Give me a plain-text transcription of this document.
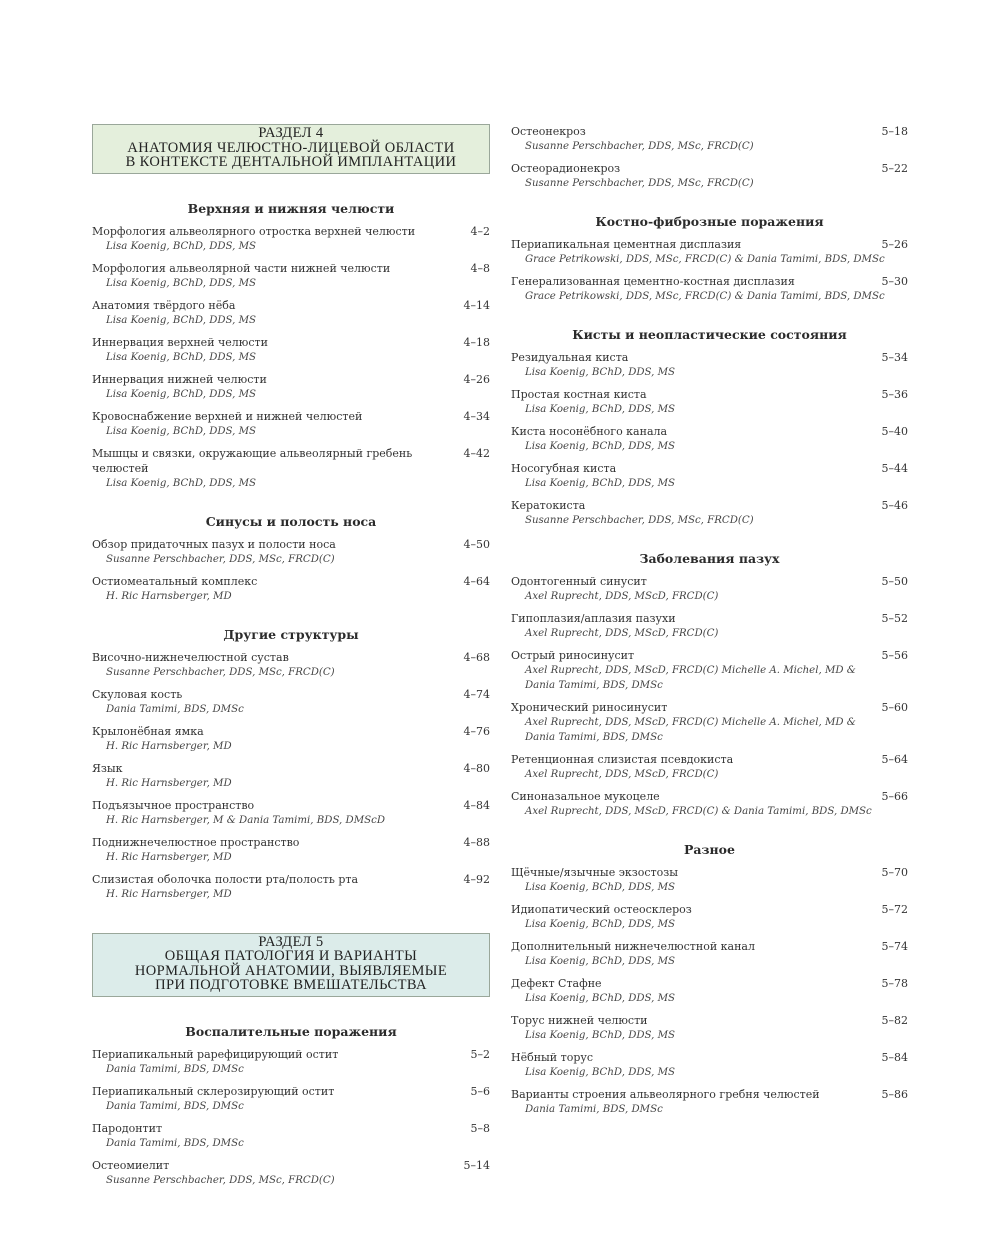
РАЗДЕЛ 4
АНАТОМИЯ ЧЕЛЮСТНО-ЛИЦЕВОЙ ОБЛАСТИ
В КОНТЕКСТЕ ДЕНТАЛЬНОЙ ИМПЛАНТАЦИИ
Верхняя и нижняя челюсти
Морфология альвеолярного отростка верхней челюсти	4–2
Lisa Koenig, BChD, DDS, MS
Морфология альвеолярной части нижней челюсти	4–8
Lisa Koenig, BChD, DDS, MS
Анатомия твёрдого нёба	4–14
Lisa Koenig, BChD, DDS, MS
Иннервация верхней челюсти	4–18
Lisa Koenig, BChD, DDS, MS
Иннервация нижней челюсти	4–26
Lisa Koenig, BChD, DDS, MS
Кровоснабжение верхней и нижней челюстей	4–34
Lisa Koenig, BChD, DDS, MS
Мышцы и связки, окружающие альвеолярный гребень челюстей
4–42
Lisa Koenig, BChD, DDS, MS
Синусы и полость носа
Обзор придаточных пазух и полости носа	4–50
Susanne Perschbacher, DDS, MSc, FRCD(C)
Остиомеатальный комплекс	4–64
H. Ric Harnsberger, MD
Другие структуры
Височно-нижнечелюстной сустав	4–68
Susanne Perschbacher, DDS, MSc, FRCD(C)
Скуловая кость	4–74
Dania Tamimi, BDS, DMSc
Крылонёбная ямка	4–76
H. Ric Harnsberger, MD
Язык	4–80
H. Ric Harnsberger, MD
Подъязычное пространство	4–84
H. Ric Harnsberger, M & Dania Tamimi, BDS, DMScD
Поднижнечелюстное пространство	4–88
H. Ric Harnsberger, MD
Слизистая оболочка полости рта/полость рта	4–92
H. Ric Harnsberger, MD
РАЗДЕЛ 5
ОБЩАЯ ПАТОЛОГИЯ И ВАРИАНТЫ
НОРМАЛЬНОЙ АНАТОМИИ, ВЫЯВЛЯЕМЫЕ
ПРИ ПОДГОТОВКЕ ВМЕШАТЕЛЬСТВА
Воспалительные поражения
Периапикальный рарефицирующий остит	5–2
Dania Tamimi, BDS, DMSc
Периапикальный склерозирующий остит	5–6
Dania Tamimi, BDS, DMSc
Пародонтит	5–8
Dania Tamimi, BDS, DMSc
Остеомиелит	5–14
Susanne Perschbacher, DDS, MSc, FRCD(C)
Остеонекроз	5–18
Susanne Perschbacher, DDS, MSc, FRCD(C)
Остеорадионекроз	5–22
Susanne Perschbacher, DDS, MSc, FRCD(C)
Костно-фиброзные поражения
Периапикальная цементная дисплазия	5–26
Grace Petrikowski, DDS, MSc, FRCD(C) & Dania Tamimi, BDS, DMSc
Генерализованная цементно-костная дисплазия	5–30
Grace Petrikowski, DDS, MSc, FRCD(C) & Dania Tamimi, BDS, DMSc
Кисты и неопластические состояния
Резидуальная киста	5–34
Lisa Koenig, BChD, DDS, MS
Простая костная киста	5–36
Lisa Koenig, BChD, DDS, MS
Киста носонёбного канала	5–40
Lisa Koenig, BChD, DDS, MS
Носогубная киста	5–44
Lisa Koenig, BChD, DDS, MS
Кератокиста	5–46
Susanne Perschbacher, DDS, MSc, FRCD(C)
Заболевания пазух
Одонтогенный синусит	5–50
Axel Ruprecht, DDS, MScD, FRCD(C)
Гипоплазия/аплазия пазухи	5–52
Axel Ruprecht, DDS, MScD, FRCD(C)
Острый риносинусит	5–56
Axel Ruprecht, DDS, MScD, FRCD(C) Michelle A. Michel, MD & Dania Tamimi, BDS, DMSc
Хронический риносинусит	5–60
Axel Ruprecht, DDS, MScD, FRCD(C) Michelle A. Michel, MD & Dania Tamimi, BDS, DMSc
Ретенционная слизистая псевдокиста	5–64
Axel Ruprecht, DDS, MScD, FRCD(C)
Синоназальное мукоцеле	5–66
Axel Ruprecht, DDS, MScD, FRCD(C) & Dania Tamimi, BDS, DMSc
Разное
Щёчные/язычные экзостозы	5–70
Lisa Koenig, BChD, DDS, MS
Идиопатический остеосклероз	5–72
Lisa Koenig, BChD, DDS, MS
Дополнительный нижнечелюстной канал	5–74
Lisa Koenig, BChD, DDS, MS
Дефект Стафне	5–78
Lisa Koenig, BChD, DDS, MS
Торус нижней челюсти	5–82
Lisa Koenig, BChD, DDS, MS
Нёбный торус	5–84
Lisa Koenig, BChD, DDS, MS
Варианты строения альвеолярного гребня челюстей	5–86
Dania Tamimi, BDS, DMSc
